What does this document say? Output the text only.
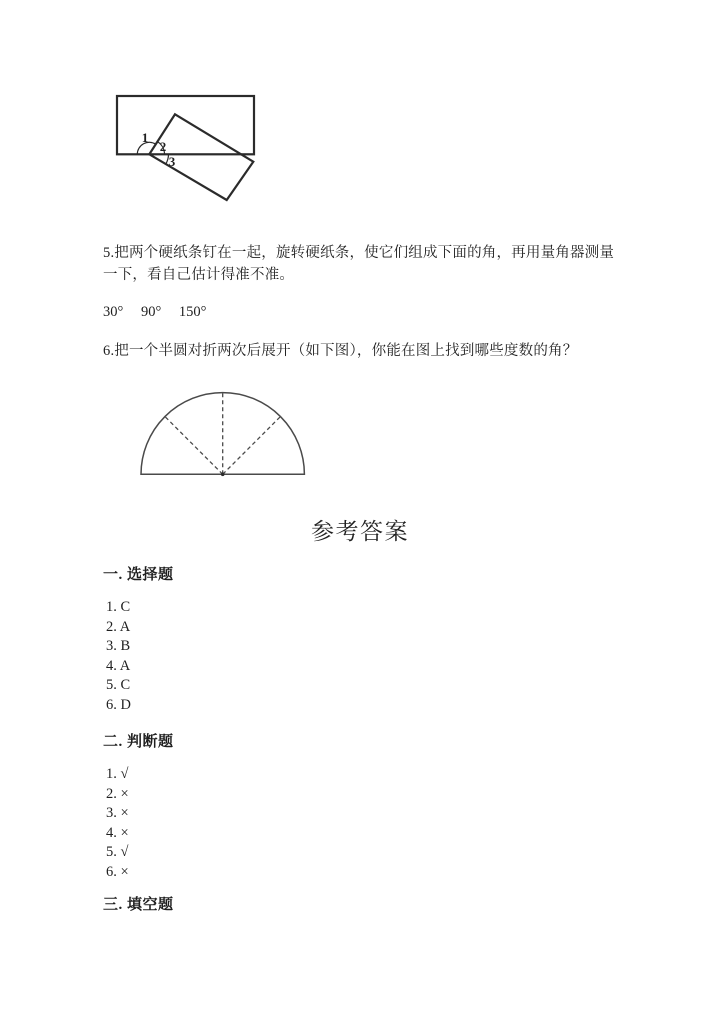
1
2
3
5.把两个硬纸条钉在一起，旋转硬纸条，使它们组成下面的角，再用量角器测量一下，看自己估计得准不准。
30° 90° 150°
6.把一个半圆对折两次后展开（如下图），你能在图上找到哪些度数的角？
参考答案
一. 选择题
1. C
2. A
3. B
4. A
5. C
6. D
二. 判断题
1. √
2. ×
3. ×
4. ×
5. √
6. ×
三. 填空题
